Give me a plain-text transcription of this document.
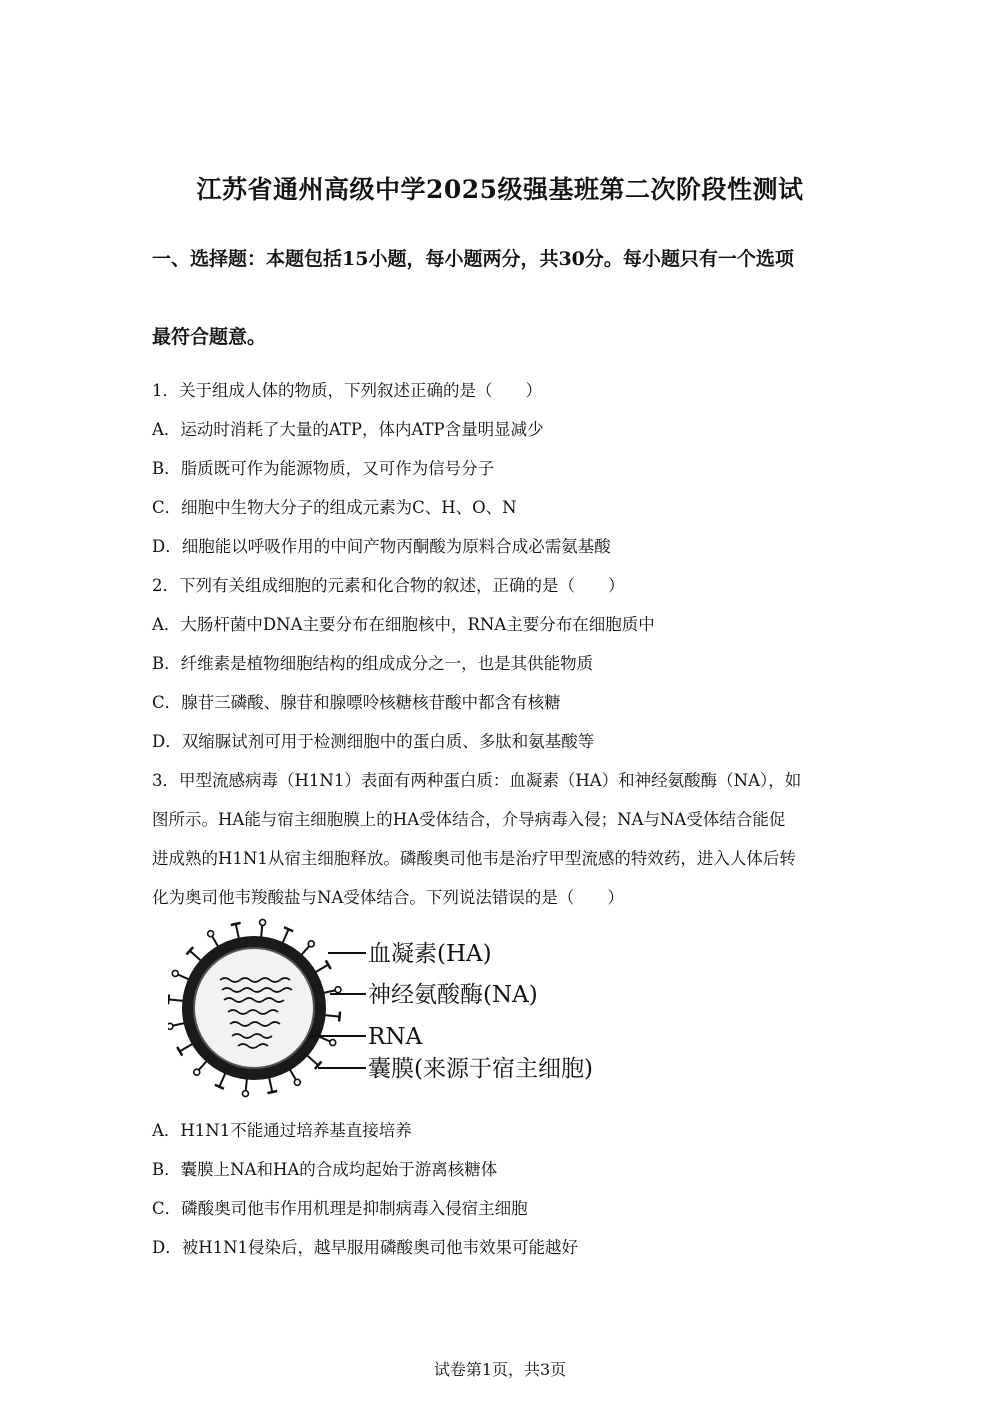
江苏省通州高级中学2025级强基班第二次阶段性测试
一、选择题：本题包括15小题，每小题两分，共30分。每小题只有一个选项
最符合题意。
1．关于组成人体的物质，下列叙述正确的是（　　）
A．运动时消耗了大量的ATP，体内ATP含量明显减少
B．脂质既可作为能源物质，又可作为信号分子
C．细胞中生物大分子的组成元素为C、H、O、N
D．细胞能以呼吸作用的中间产物丙酮酸为原料合成必需氨基酸
2．下列有关组成细胞的元素和化合物的叙述，正确的是（　　）
A．大肠杆菌中DNA主要分布在细胞核中，RNA主要分布在细胞质中
B．纤维素是植物细胞结构的组成成分之一，也是其供能物质
C．腺苷三磷酸、腺苷和腺嘌呤核糖核苷酸中都含有核糖
D．双缩脲试剂可用于检测细胞中的蛋白质、多肽和氨基酸等
3．甲型流感病毒（H1N1）表面有两种蛋白质：血凝素（HA）和神经氨酸酶（NA），如
图所示。HA能与宿主细胞膜上的HA受体结合，介导病毒入侵；NA与NA受体结合能促
进成熟的H1N1从宿主细胞释放。磷酸奥司他韦是治疗甲型流感的特效药，进入人体后转
化为奥司他韦羧酸盐与NA受体结合。下列说法错误的是（　　）
血凝素(HA)
神经氨酸酶(NA)
RNA
囊膜(来源于宿主细胞)
A．H1N1不能通过培养基直接培养
B．囊膜上NA和HA的合成均起始于游离核糖体
C．磷酸奥司他韦作用机理是抑制病毒入侵宿主细胞
D．被H1N1侵染后，越早服用磷酸奥司他韦效果可能越好
试卷第1页，共3页
